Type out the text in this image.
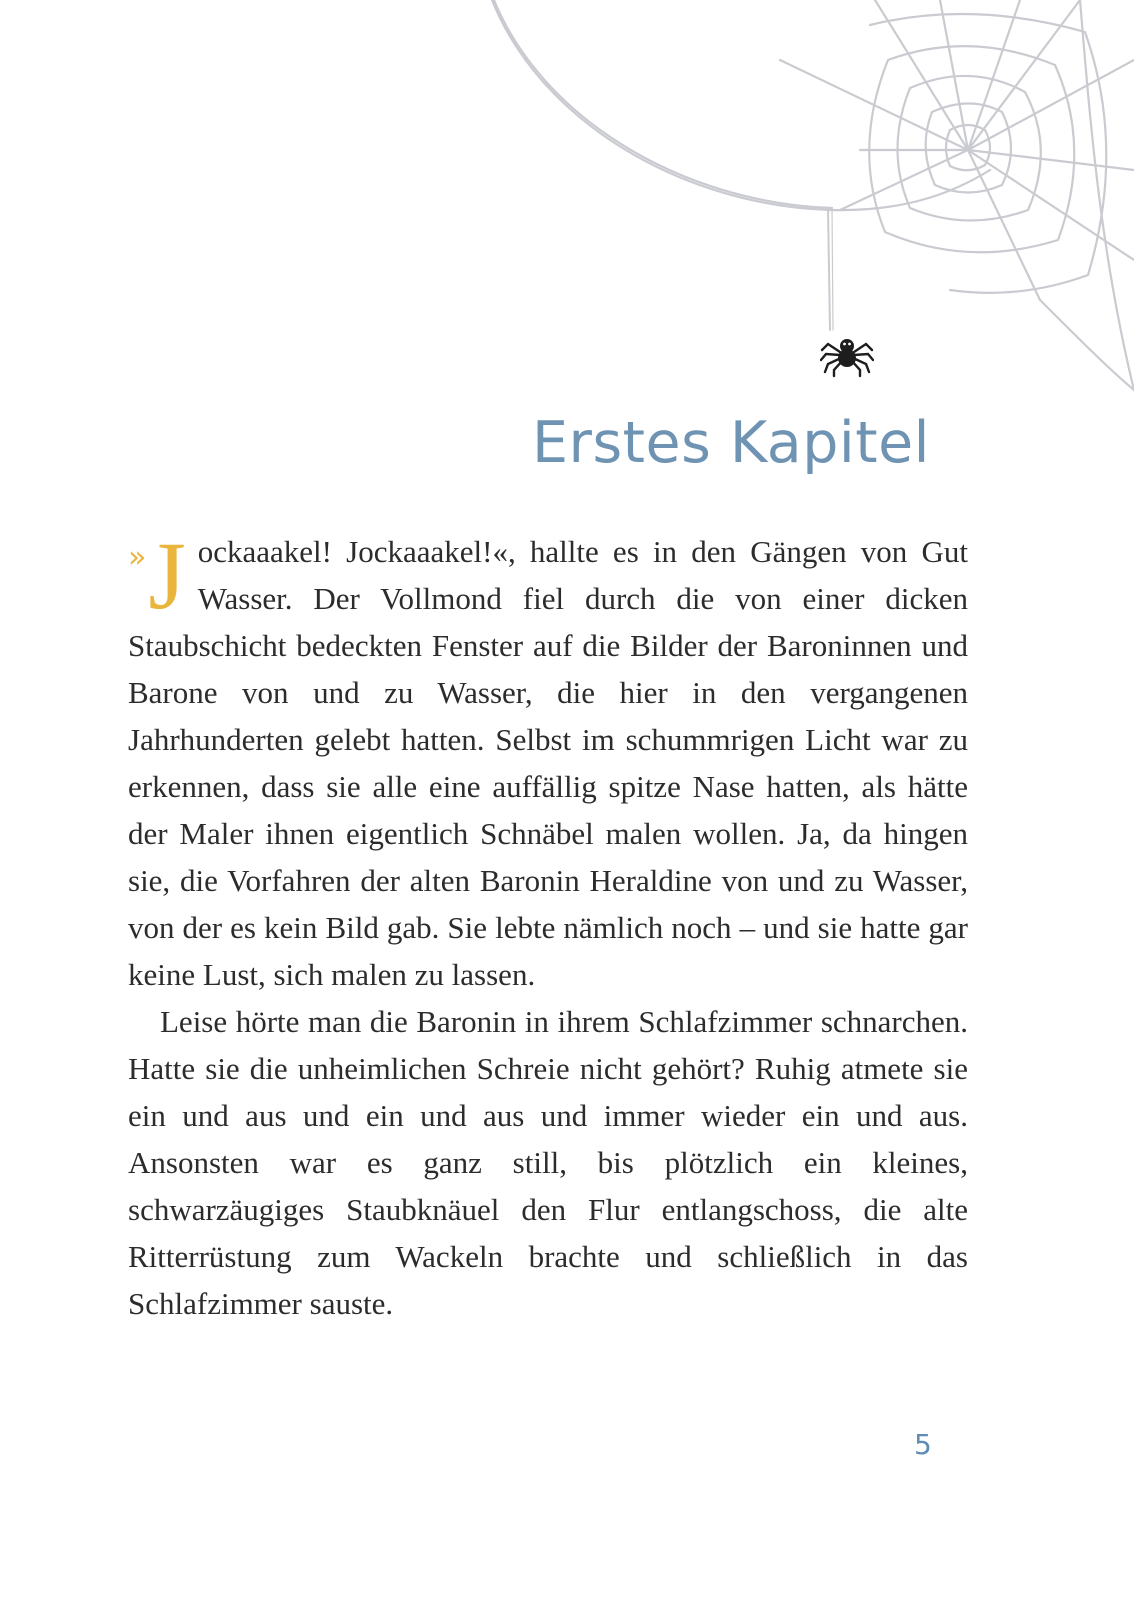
Erstes Kapitel

» J ockaaakel! Jockaaakel!«, hallte es in den Gängen von Gut Wasser. Der Vollmond fiel durch die von einer dicken Staubschicht bedeckten Fenster auf die Bilder der Baroninnen und Barone von und zu Wasser, die hier in den vergangenen Jahrhunderten gelebt hatten. Selbst im schummrigen Licht war zu erkennen, dass sie alle eine auffällig spitze Nase hatten, als hätte der Maler ihnen eigentlich Schnäbel malen wollen. Ja, da hingen sie, die Vorfahren der alten Baronin Heraldine von und zu Wasser, von der es kein Bild gab. Sie lebte nämlich noch – und sie hatte gar keine Lust, sich malen zu lassen.

Leise hörte man die Baronin in ihrem Schlafzimmer schnarchen. Hatte sie die unheimlichen Schreie nicht gehört? Ruhig atmete sie ein und aus und ein und aus und immer wieder ein und aus. Ansonsten war es ganz still, bis plötzlich ein kleines, schwarzäugiges Staubknäuel den Flur entlangschoss, die alte Ritterrüstung zum Wackeln brachte und schließlich in das Schlafzimmer sauste.

5
